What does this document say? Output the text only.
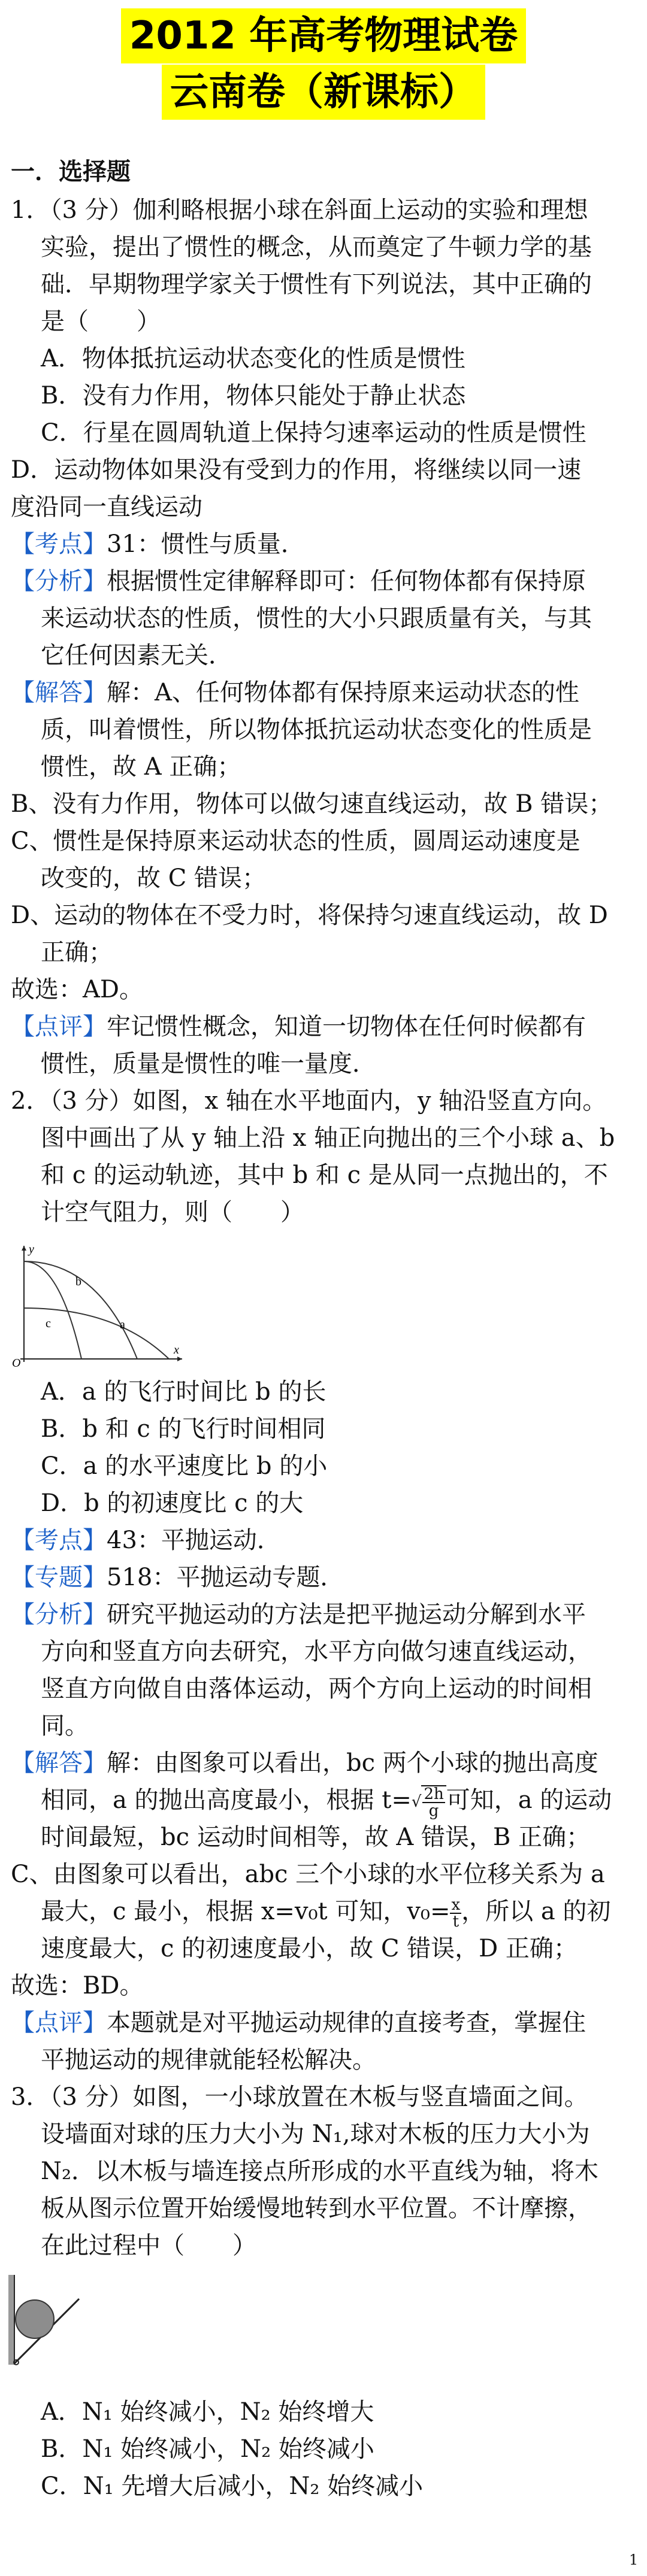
2012 年高考物理试卷
云南卷（新课标）
一．选择题
1．（3 分）伽利略根据小球在斜面上运动的实验和理想
实验，提出了惯性的概念，从而奠定了牛顿力学的基
础．早期物理学家关于惯性有下列说法，其中正确的
是（　　）
A．物体抵抗运动状态变化的性质是惯性
B．没有力作用，物体只能处于静止状态
C．行星在圆周轨道上保持匀速率运动的性质是惯性
D．运动物体如果没有受到力的作用，将继续以同一速
度沿同一直线运动
【考点】31：惯性与质量．
【分析】根据惯性定律解释即可：任何物体都有保持原
来运动状态的性质，惯性的大小只跟质量有关，与其
它任何因素无关．
【解答】解：A、任何物体都有保持原来运动状态的性
质，叫着惯性，所以物体抵抗运动状态变化的性质是
惯性，故 A 正确；
B、没有力作用，物体可以做匀速直线运动，故 B 错误；
C、惯性是保持原来运动状态的性质，圆周运动速度是
改变的，故 C 错误；
D、运动的物体在不受力时，将保持匀速直线运动，故 D
正确；
故选：AD。
【点评】牢记惯性概念，知道一切物体在任何时候都有
惯性，质量是惯性的唯一量度．
2．（3 分）如图，x 轴在水平地面内，y 轴沿竖直方向。
图中画出了从 y 轴上沿 x 轴正向抛出的三个小球 a、b
和 c 的运动轨迹，其中 b 和 c 是从同一点抛出的，不
计空气阻力，则（　　）
y
x
O
b
c	a
A．a 的飞行时间比 b 的长
B．b 和 c 的飞行时间相同
C．a 的水平速度比 b 的小
D．b 的初速度比 c 的大
【考点】43：平抛运动．
【专题】518：平抛运动专题．
【分析】研究平抛运动的方法是把平抛运动分解到水平
方向和竖直方向去研究，水平方向做匀速直线运动，
竖直方向做自由落体运动，两个方向上运动的时间相
同。
【解答】解：由图象可以看出，bc 两个小球的抛出高度
相同，a 的抛出高度最小，根据 $t=√ \frac{2h}{g}$ 可知，a 的运动
时间最短，bc 运动时间相等，故 A 错误，B 正确；
C、由图象可以看出，abc 三个小球的水平位移关系为 a
最大，c 最小，根据 x=v₀t 可知，$v_0= \frac{x}{t}$ ，所以 a 的初
速度最大，c 的初速度最小，故 C 错误，D 正确；
故选：BD。
【点评】本题就是对平抛运动规律的直接考查，掌握住
平抛运动的规律就能轻松解决。
3．（3 分）如图，一小球放置在木板与竖直墙面之间。
设墙面对球的压力大小为 N₁,球对木板的压力大小为
N₂．以木板与墙连接点所形成的水平直线为轴，将木
板从图示位置开始缓慢地转到水平位置。不计摩擦，
在此过程中（　　）
A．N₁ 始终减小，N₂ 始终增大
B．N₁ 始终减小，N₂ 始终减小
C．N₁ 先增大后减小，N₂ 始终减小
1
